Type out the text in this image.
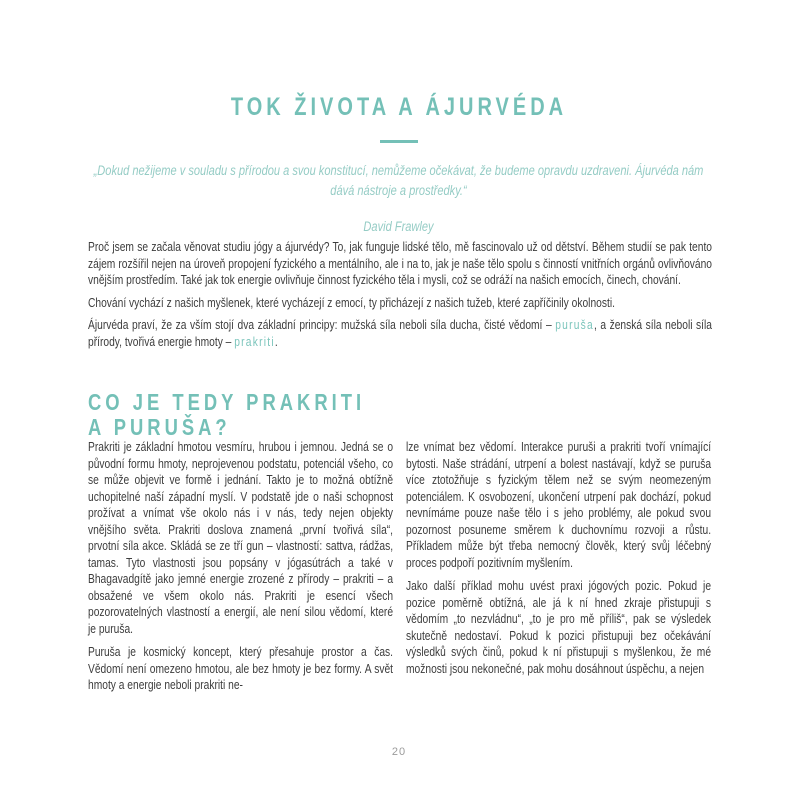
TOK ŽIVOTA A ÁJURVÉDA

„Dokud nežijeme v souladu s přírodou a svou konstitucí, nemůžeme očekávat, že budeme opravdu uzdraveni. Ájurvéda nám dává nástroje a prostředky.“

David Frawley

Proč jsem se začala věnovat studiu jógy a ájurvédy? To, jak funguje lidské tělo, mě fascinovalo už od dětství. Během studií se pak tento zájem rozšířil nejen na úroveň propojení fyzického a mentálního, ale i na to, jak je naše tělo spolu s činností vnitřních orgánů ovlivňováno vnějším prostředím. Také jak tok energie ovlivňuje činnost fyzického těla i mysli, což se odráží na našich emocích, činech, chování.

Chování vychází z našich myšlenek, které vycházejí z emocí, ty přicházejí z našich tužeb, které zapříčinily okolnosti.

Ájurvéda praví, že za vším stojí dva základní principy: mužská síla neboli síla ducha, čisté vědomí – puruša, a ženská síla neboli síla přírody, tvořivá energie hmoty – prakriti.

CO JE TEDY PRAKRITI
A PURUŠA?

Prakriti je základní hmotou vesmíru, hrubou i jemnou. Jedná se o původní formu hmoty, neprojevenou podstatu, potenciál všeho, co se může objevit ve formě i jednání. Takto je to možná obtížně uchopitelné naší západní myslí. V podstatě jde o naši schopnost prožívat a vnímat vše okolo nás i v nás, tedy nejen objekty vnějšího světa. Prakriti doslova znamená „první tvořivá síla“, prvotní síla akce. Skládá se ze tří gun – vlastností: sattva, rádžas, tamas. Tyto vlastnosti jsou popsány v jógasútrách a také v Bhagavadgítě jako jemné energie zrozené z přírody – prakriti – a obsažené ve všem okolo nás. Prakriti je esencí všech pozorovatelných vlastností a energií, ale není silou vědomí, které je puruša.

Puruša je kosmický koncept, který přesahuje prostor a čas. Vědomí není omezeno hmotou, ale bez hmoty je bez formy. A svět hmoty a energie neboli prakriti ne-

lze vnímat bez vědomí. Interakce puruši a prakriti tvoří vnímající bytosti. Naše strádání, utrpení a bolest nastávají, když se puruša více ztotožňuje s fyzickým tělem než se svým neomezeným potenciálem. K osvobození, ukončení utrpení pak dochází, pokud nevnímáme pouze naše tělo i s jeho problémy, ale pokud svou pozornost posuneme směrem k duchovnímu rozvoji a růstu. Příkladem může být třeba nemocný člověk, který svůj léčebný proces podpoří pozitivním myšlením.

Jako další příklad mohu uvést praxi jógových pozic. Pokud je pozice poměrně obtížná, ale já k ní hned zkraje přistupuji s vědomím „to nezvládnu“, „to je pro mě příliš“, pak se výsledek skutečně nedostaví. Pokud k pozici přistupuji bez očekávání výsledků svých činů, pokud k ní přistupuji s myšlenkou, že mé možnosti jsou nekonečné, pak mohu dosáhnout úspěchu, a nejen

20
